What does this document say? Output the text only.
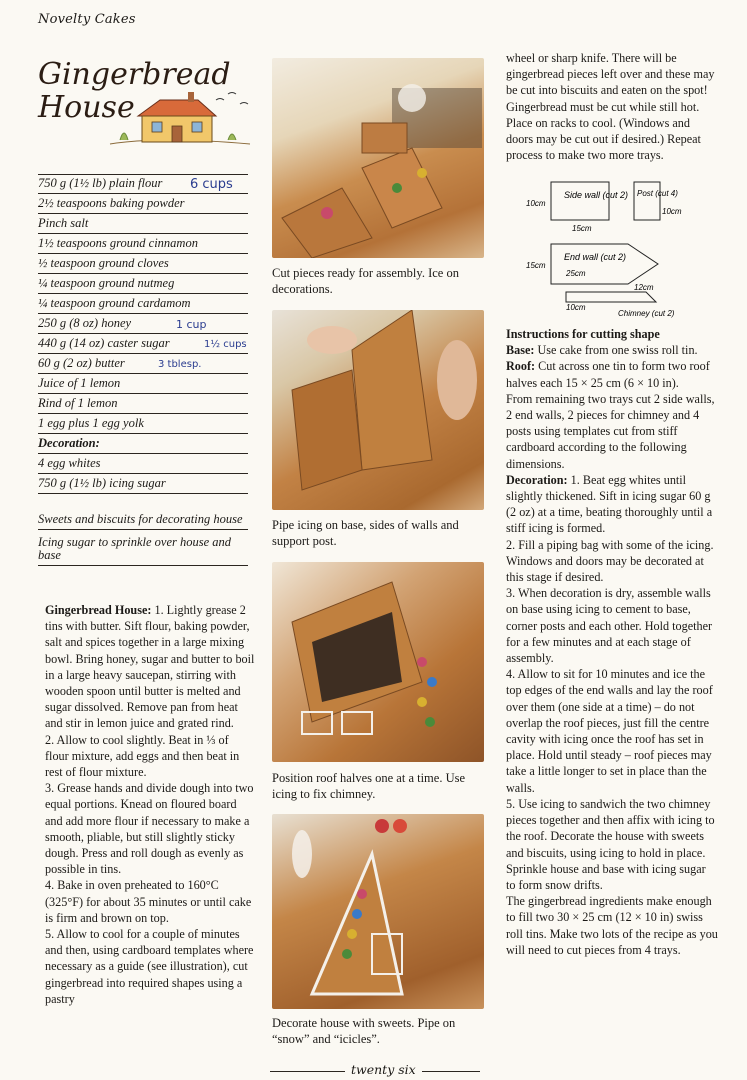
Novelty Cakes
Gingerbread House
750 g (1½ lb) plain flour 6 cups
2½ teaspoons baking powder
Pinch salt
1½ teaspoons ground cinnamon
½ teaspoon ground cloves
¼ teaspoon ground nutmeg
¼ teaspoon ground cardamom
250 g (8 oz) honey	1 cup
440 g (14 oz) caster sugar	1½ cups
60 g (2 oz) butter	3 tblesp.
Juice of 1 lemon
Rind of 1 lemon
1 egg plus 1 egg yolk
Decoration:
4 egg whites
750 g (1½ lb) icing sugar
Sweets and biscuits for decorating house
Icing sugar to sprinkle over house and base
Gingerbread House: 1. Lightly grease 2 tins with butter. Sift flour, baking powder, salt and spices together in a large mixing bowl. Bring honey, sugar and butter to boil in a large heavy saucepan, stirring with wooden spoon until butter is melted and sugar dissolved. Remove pan from heat and stir in lemon juice and grated rind.
2. Allow to cool slightly. Beat in ⅓ of flour mixture, add eggs and then beat in rest of flour mixture.
3. Grease hands and divide dough into two equal portions. Knead on floured board and add more flour if necessary to make a smooth, pliable, but still slightly sticky dough. Press and roll dough as evenly as possible in tins.
4. Bake in oven preheated to 160°C (325°F) for about 35 minutes or until cake is firm and brown on top.
5. Allow to cool for a couple of minutes and then, using cardboard templates where necessary as a guide (see illustration), cut gingerbread into required shapes using a pastry
Cut pieces ready for assembly. Ice on decorations.
Pipe icing on base, sides of walls and support post.
Position roof halves one at a time. Use icing to fix chimney.
Decorate house with sweets. Pipe on “snow” and “icicles”.
wheel or sharp knife. There will be gingerbread pieces left over and these may be cut into biscuits and eaten on the spot! Gingerbread must be cut while still hot. Place on racks to cool. (Windows and doors may be cut out if desired.) Repeat process to make two more trays.
Side wall (cut 2) Post (cut 4)
10cm
15cm
10cm
End wall (cut 2)
25cm
15cm
10cm
12cm
Chimney (cut 2)
Instructions for cutting shape
Base: Use cake from one swiss roll tin.
Roof: Cut across one tin to form two roof halves each 15 × 25 cm (6 × 10 in).
From remaining two trays cut 2 side walls, 2 end walls, 2 pieces for chimney and 4 posts using templates cut from stiff cardboard according to the following dimensions.
Decoration: 1. Beat egg whites until slightly thickened. Sift in icing sugar 60 g (2 oz) at a time, beating thoroughly until a stiff icing is formed.
2. Fill a piping bag with some of the icing. Windows and doors may be decorated at this stage if desired.
3. When decoration is dry, assemble walls on base using icing to cement to base, corner posts and each other. Hold together for a few minutes and at each stage of assembly.
4. Allow to sit for 10 minutes and ice the top edges of the end walls and lay the roof over them (one side at a time) – do not overlap the roof pieces, just fill the centre cavity with icing once the roof has set in place. Hold until steady – roof pieces may take a little longer to set in place than the walls.
5. Use icing to sandwich the two chimney pieces together and then affix with icing to the roof. Decorate the house with sweets and biscuits, using icing to hold in place. Sprinkle house and base with icing sugar to form snow drifts.
The gingerbread ingredients make enough to fill two 30 × 25 cm (12 × 10 in) swiss roll tins. Make two lots of the recipe as you will need to cut pieces from 4 trays.
twenty six
